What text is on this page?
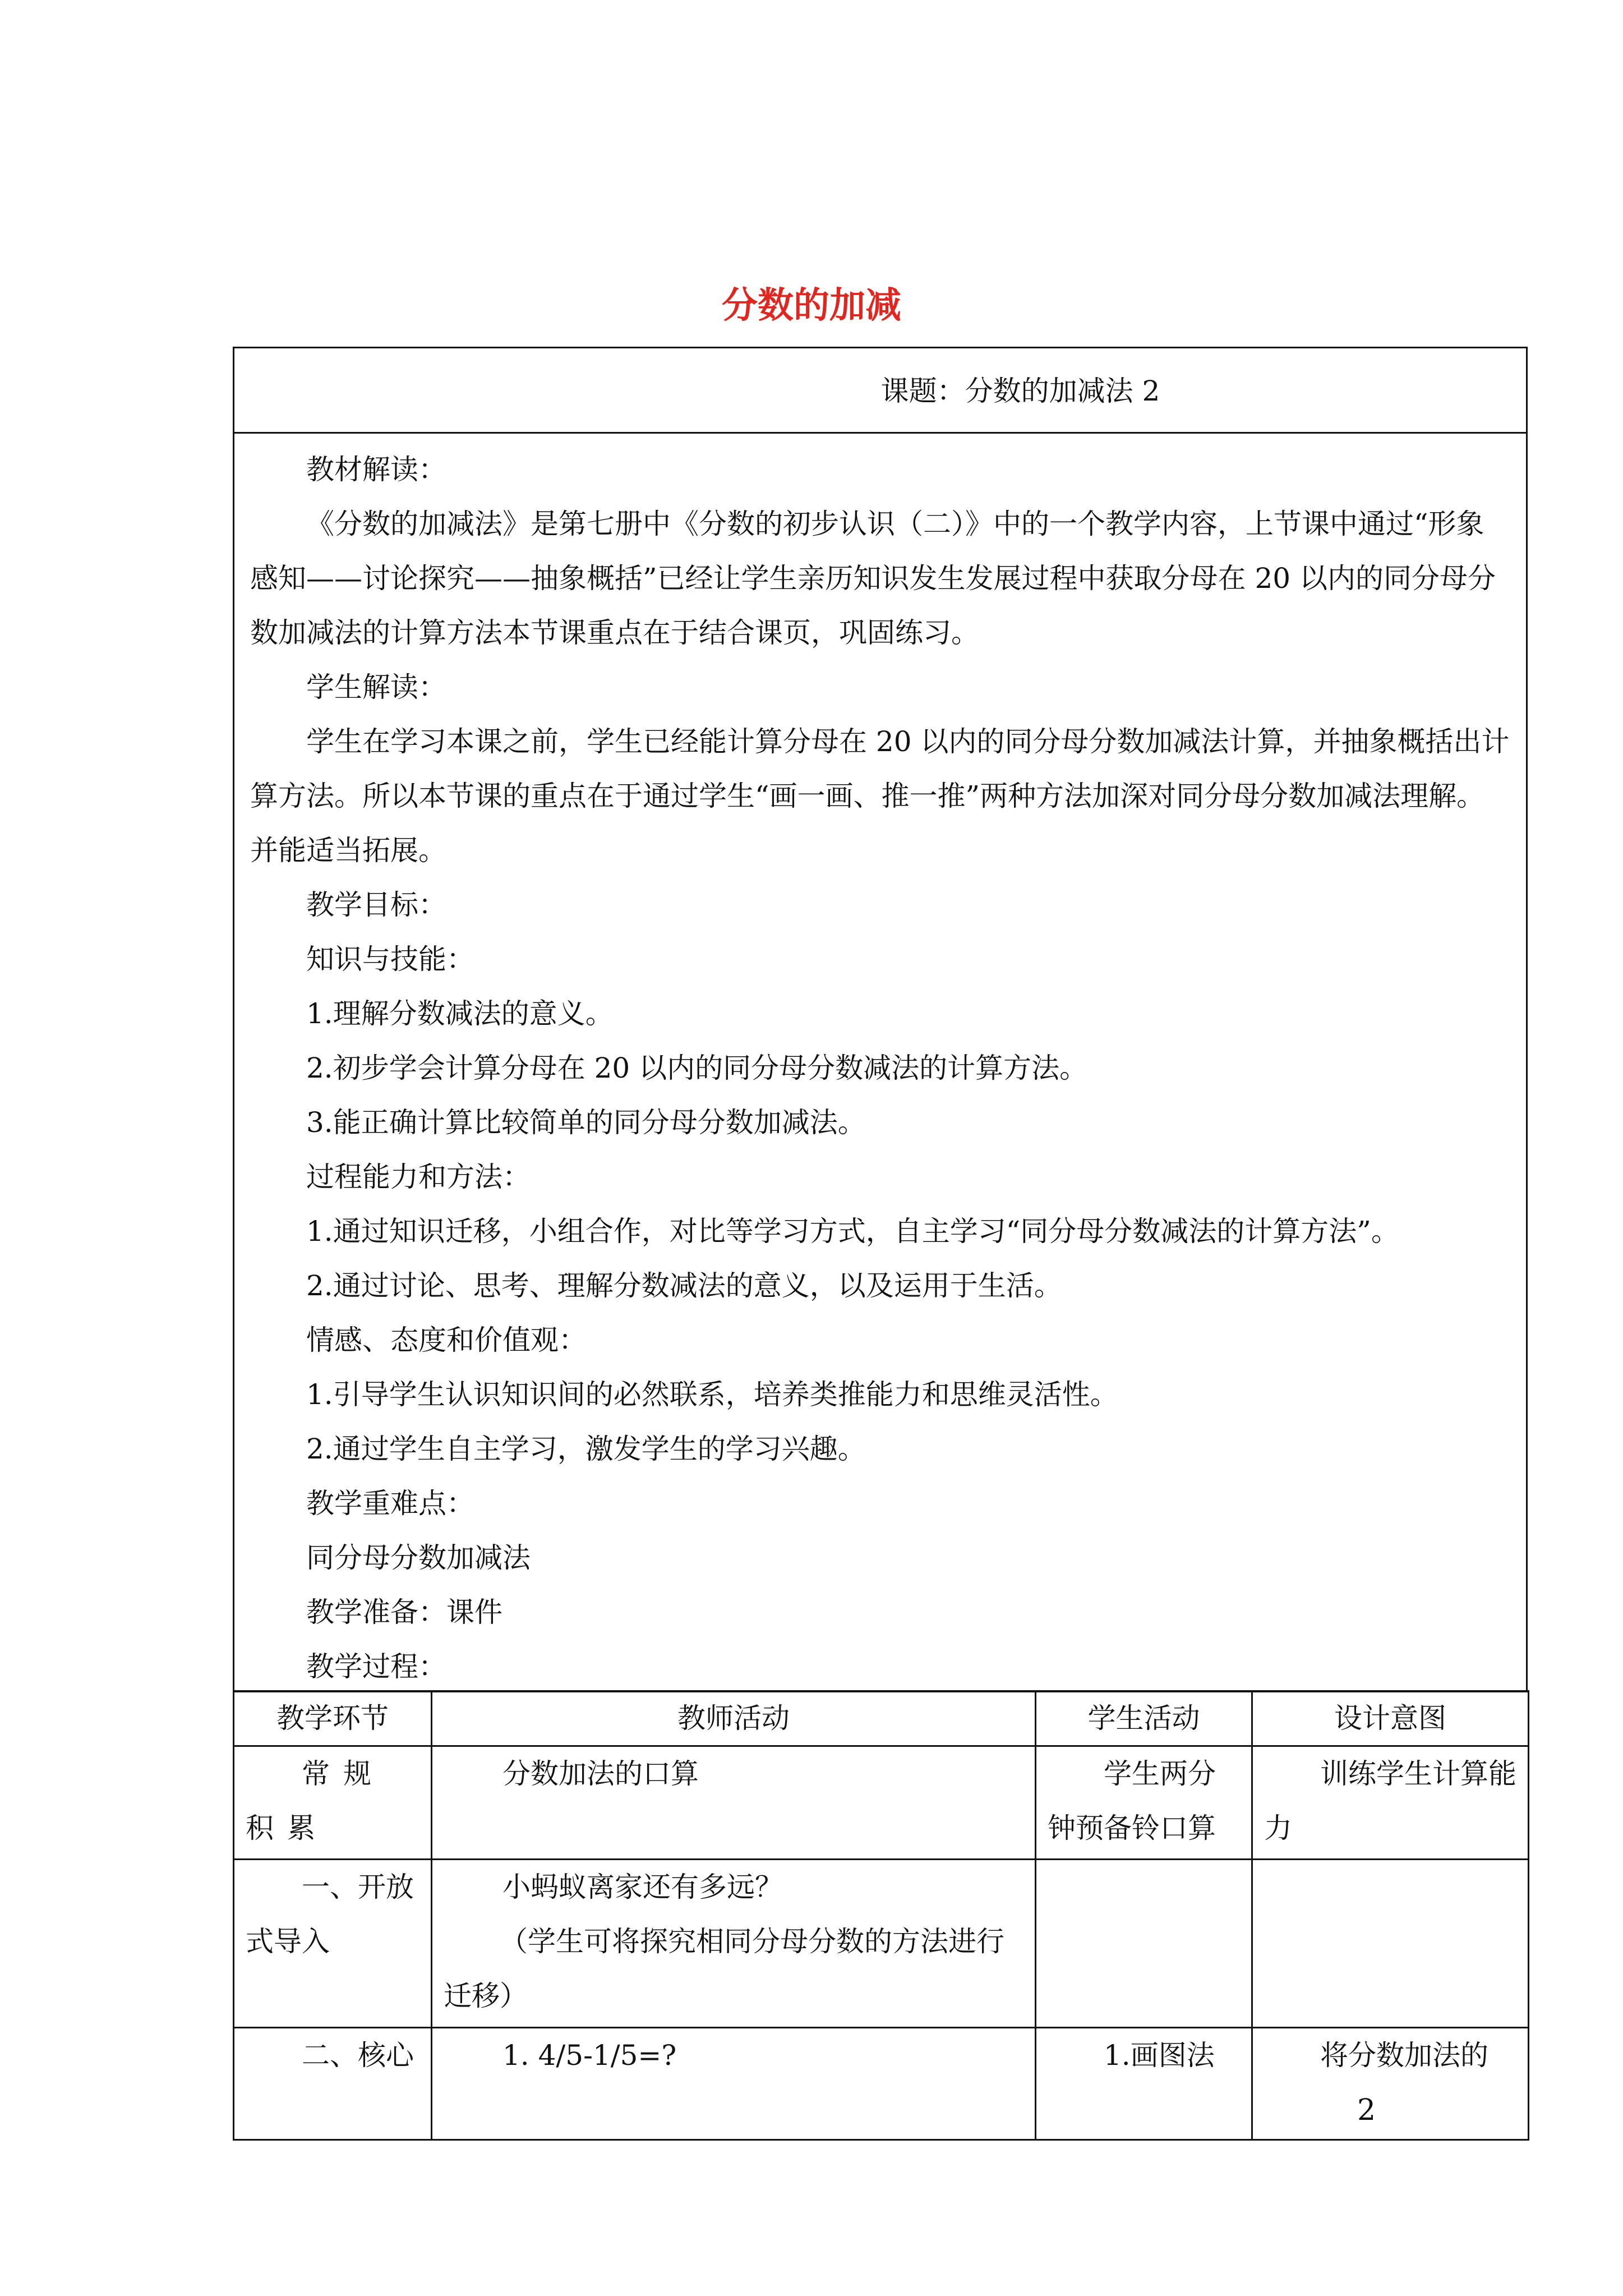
分数的加减
课题：分数的加减法 2

教材解读：

《分数的加减法》是第七册中《分数的初步认识（二）》中的一个教学内容，上节课中通过“形象感知——讨论探究——抽象概括”已经让学生亲历知识发生发展过程中获取分母在 20 以内的同分母分数加减法的计算方法本节课重点在于结合课页，巩固练习。

学生解读：

学生在学习本课之前，学生已经能计算分母在 20 以内的同分母分数加减法计算，并抽象概括出计算方法。所以本节课的重点在于通过学生“画一画、推一推”两种方法加深对同分母分数加减法理解。并能适当拓展。

教学目标：

知识与技能：

1.理解分数减法的意义。

2.初步学会计算分母在 20 以内的同分母分数减法的计算方法。

3.能正确计算比较简单的同分母分数加减法。

过程能力和方法：

1.通过知识迁移，小组合作，对比等学习方式，自主学习“同分母分数减法的计算方法”。

2.通过讨论、思考、理解分数减法的意义，以及运用于生活。

情感、态度和价值观：

1.引导学生认识知识间的必然联系，培养类推能力和思维灵活性。

2.通过学生自主学习，激发学生的学习兴趣。

教学重难点：

同分母分数加减法

教学准备：课件

教学过程：

教学环节	教师活动	学生活动	设计意图
常规积累	分数加法的口算	学生两分钟预备铃口算	训练学生计算能力
一、开放式导入	小蚂蚁离家还有多远？
（学生可将探究相同分母分数的方法进行迁移）		

二、核心	1. 4/5-1/5=?	1.画图法	将分数加法的
2
